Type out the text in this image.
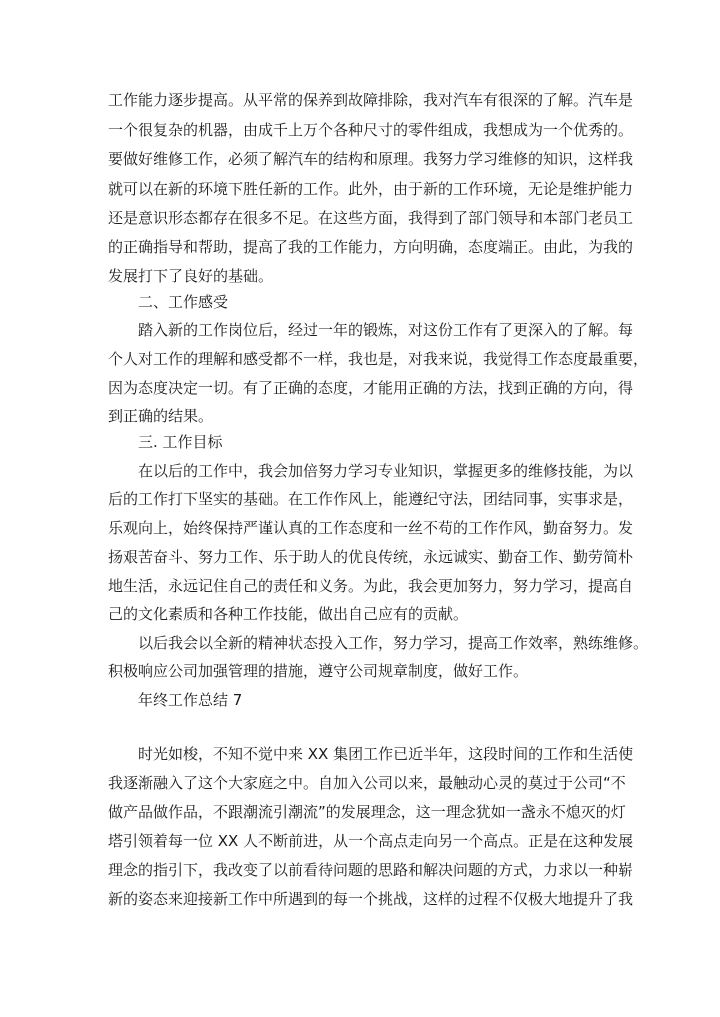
工作能力逐步提高。从平常的保养到故障排除，我对汽车有很深的了解。汽车是
一个很复杂的机器，由成千上万个各种尺寸的零件组成，我想成为一个优秀的。
要做好维修工作，必须了解汽车的结构和原理。我努力学习维修的知识，这样我
就可以在新的环境下胜任新的工作。此外，由于新的工作环境，无论是维护能力
还是意识形态都存在很多不足。在这些方面，我得到了部门领导和本部门老员工
的正确指导和帮助，提高了我的工作能力，方向明确，态度端正。由此，为我的
发展打下了良好的基础。
二、工作感受
踏入新的工作岗位后，经过一年的锻炼，对这份工作有了更深入的了解。每
个人对工作的理解和感受都不一样，我也是，对我来说，我觉得工作态度最重要，
因为态度决定一切。有了正确的态度，才能用正确的方法，找到正确的方向，得
到正确的结果。
三. 工作目标
在以后的工作中，我会加倍努力学习专业知识，掌握更多的维修技能，为以
后的工作打下坚实的基础。在工作作风上，能遵纪守法，团结同事，实事求是，
乐观向上，始终保持严谨认真的工作态度和一丝不苟的工作作风，勤奋努力。发
扬艰苦奋斗、努力工作、乐于助人的优良传统，永远诚实、勤奋工作、勤劳简朴
地生活，永远记住自己的责任和义务。为此，我会更加努力，努力学习，提高自
己的文化素质和各种工作技能，做出自己应有的贡献。
以后我会以全新的精神状态投入工作，努力学习，提高工作效率，熟练维修。
积极响应公司加强管理的措施，遵守公司规章制度，做好工作。
年终工作总结 7
时光如梭，不知不觉中来 XX 集团工作已近半年，这段时间的工作和生活使
我逐渐融入了这个大家庭之中。自加入公司以来，最触动心灵的莫过于公司“不
做产品做作品，不跟潮流引潮流”的发展理念，这一理念犹如一盏永不熄灭的灯
塔引领着每一位 XX 人不断前进，从一个高点走向另一个高点。正是在这种发展
理念的指引下，我改变了以前看待问题的思路和解决问题的方式，力求以一种崭
新的姿态来迎接新工作中所遇到的每一个挑战，这样的过程不仅极大地提升了我
